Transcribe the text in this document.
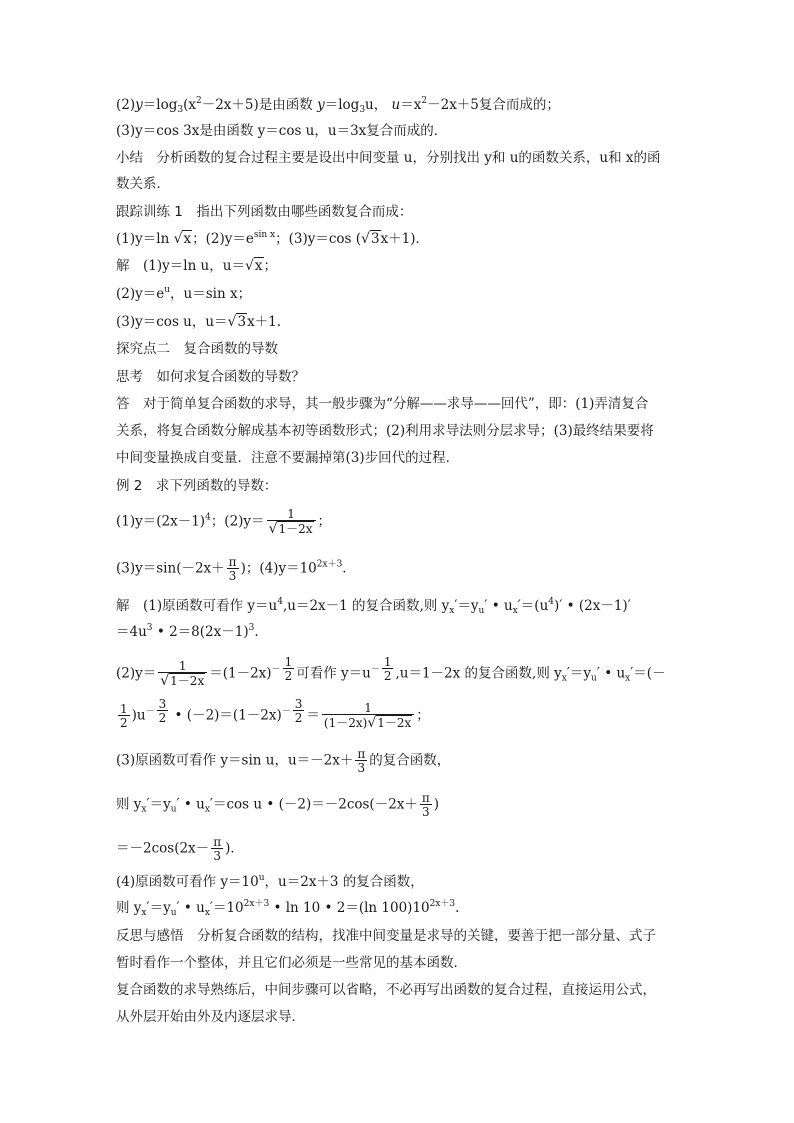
$(2)y=\log_3(x^2-2x+5)$是由函数 $y=\log_3u$， $u=x^2-2x+5$复合而成的；
(3)y＝cos 3x是由函数 y＝cos u，u＝3x复合而成的．
小结　 分析函数的复合过程主要是设出中间变量 u，分别找出 y和 u的函数关系，u和 x的函
数关系．
跟踪训练 1　指出下列函数由哪些函数复合而成：
(1)y＝ln √x；$(2)y=e^{sin x}$；(3)y＝cos (√3x＋1)．
解　 (1)y＝ln u，u＝√x；
$(2)y=e^u$，u＝sin x；
(3)y＝cos u，u＝√3x＋1.
探究点二　复合函数的导数
思考　如何求复合函数的导数？
答　 对于简单复合函数的求导，其一般步骤为“分解——求导——回代”，即：(1)弄清复合
关系，将复合函数分解成基本初等函数形式；(2)利用求导法则分层求导；(3)最终结果要将
中间变量换成自变量．注意不要漏掉第(3)步回代的过程．
例 2　求下列函数的导数：
$(1)y=(2x-1)^4$；$(2)y= \frac{1}{√1-2x}$ ；
$(3)y=\sin(-2x+ \frac{\pi}{3}$ )；$(4)y=10^{2x+3}$.
解　 (1)原函数可看作 $y=u^4,u=2x-1$ 的复合函数,则 $y_x'=y_u'$ • $u_x'=(u^4)'$ • (2x－1)′
$=4u^3$ • $2=8(2x-1)^3$.
$(2)y= \frac{1}{√1-2x} =(1-2x)^{- \frac{1}{2}}$ 可看作 $y=u^{- \frac{1}{2}}$ ,u＝1－2x 的复合函数,则 $y_x'=y_u'$ • $u_x'=(-$
$\frac{1}{2} )u^{- \frac{3}{2}}$ • $(-2)=(1-2x)^{- \frac{3}{2}} = \frac{1}{(1-2x)√1-2x}$ ；
(3)原函数可看作 y＝sin u，$u=-2x+ \frac{\pi}{3}$ 的复合函数，
则 $y_x'=y_u'$ • $u_x'=\cos$ u • $(-2)=-2\cos(-2x+ \frac{\pi}{3}$ )
$=-2\cos(2x- \frac{\pi}{3}$ )．
(4)原函数可看作 $y=10^u$，u＝2x＋3 的复合函数，
则 $y_x'=y_u'$ • $u_x'=10^{2x+3}$ • ln 10 • 2＝(ln $100)10^{2x+3}$.
反思与感悟　 分析复合函数的结构，找准中间变量是求导的关键，要善于把一部分量、式子
暂时看作一个整体，并且它们必须是一些常见的基本函数．
复合函数的求导熟练后，中间步骤可以省略，不必再写出函数的复合过程，直接运用公式，
从外层开始由外及内逐层求导．
